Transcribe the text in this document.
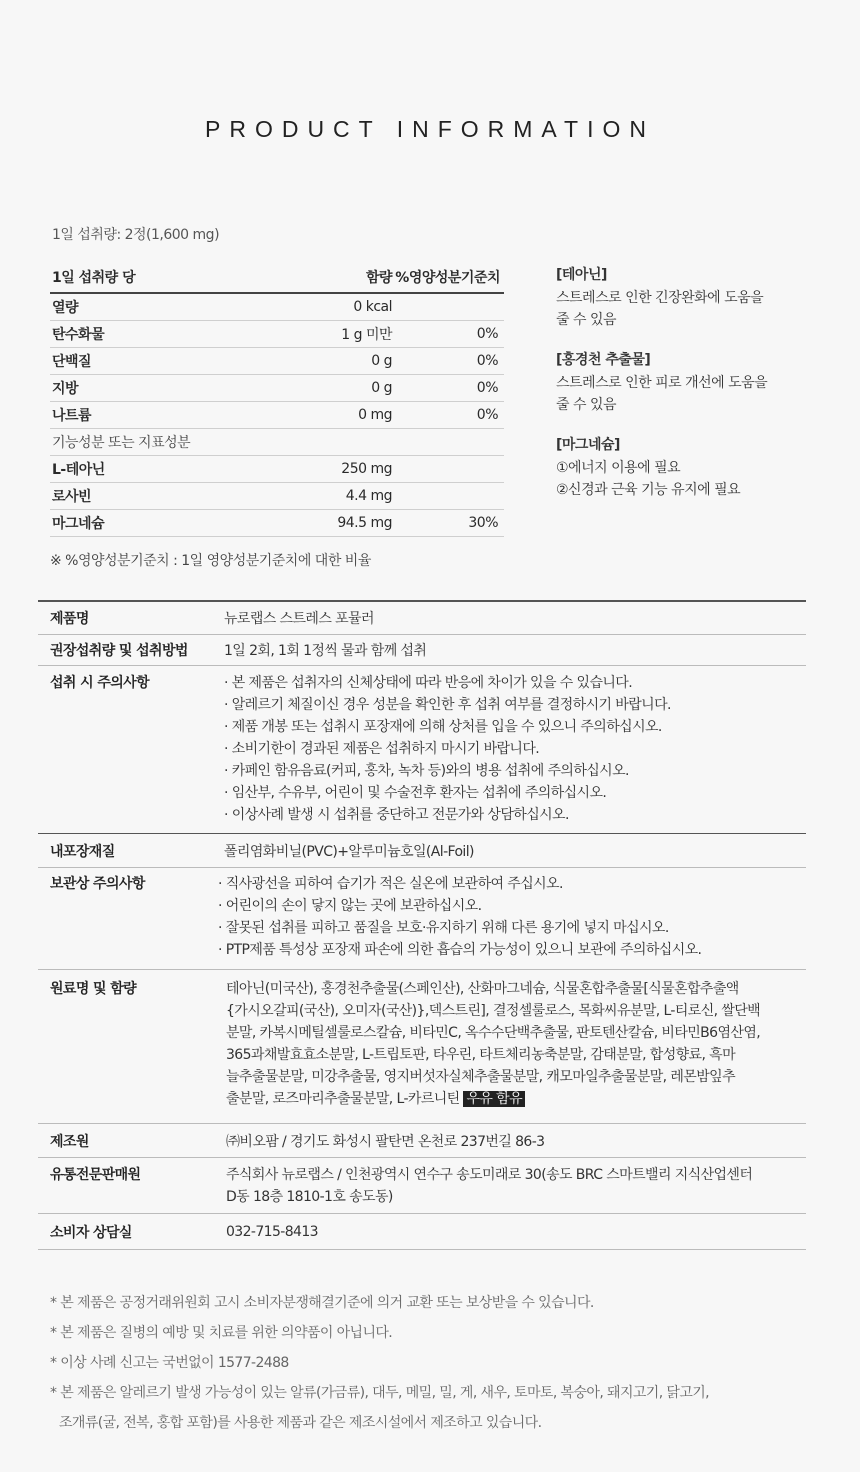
PRODUCT INFORMATION
1일 섭취량: 2정(1,600 mg)
1일 섭취량 당	함량 %영양성분기준치
열량	0 kcal
탄수화물	1 g 미만	0%
단백질	0 g	0%
지방	0 g	0%
나트륨	0 mg	0%
기능성분 또는 지표성분
L-테아닌	250 mg
로사빈	4.4 mg
마그네슘	94.5 mg	30%
※ %영양성분기준치 : 1일 영양성분기준치에 대한 비율
[테아닌]
스트레스로 인한 긴장완화에 도움을
줄 수 있음
[홍경천 추출물]
스트레스로 인한 피로 개선에 도움을
줄 수 있음
[마그네슘]
①에너지 이용에 필요
②신경과 근육 기능 유지에 필요
제품명	뉴로랩스 스트레스 포뮬러
권장섭취량 및 섭취방법	1일 2회, 1회 1정씩 물과 함께 섭취
섭취 시 주의사항	· 본 제품은 섭취자의 신체상태에 따라 반응에 차이가 있을 수 있습니다.
· 알레르기 체질이신 경우 성분을 확인한 후 섭취 여부를 결정하시기 바랍니다.
· 제품 개봉 또는 섭취시 포장재에 의해 상처를 입을 수 있으니 주의하십시오.
· 소비기한이 경과된 제품은 섭취하지 마시기 바랍니다.
· 카페인 함유음료(커피, 홍차, 녹차 등)와의 병용 섭취에 주의하십시오.
· 임산부, 수유부, 어린이 및 수술전후 환자는 섭취에 주의하십시오.
· 이상사례 발생 시 섭취를 중단하고 전문가와 상담하십시오.
내포장재질	폴리염화비닐(PVC)+알루미늄호일(Al-Foil)
보관상 주의사항	· 직사광선을 피하여 습기가 적은 실온에 보관하여 주십시오.
· 어린이의 손이 닿지 않는 곳에 보관하십시오.
· 잘못된 섭취를 피하고 품질을 보호·유지하기 위해 다른 용기에 넣지 마십시오.
· PTP제품 특성상 포장재 파손에 의한 흡습의 가능성이 있으니 보관에 주의하십시오.
원료명 및 함량	테아닌(미국산), 홍경천추출물(스페인산), 산화마그네슘, 식물혼합추출물[식물혼합추출액
{가시오갈피(국산), 오미자(국산)},덱스트린], 결정셀룰로스, 목화씨유분말, L-티로신, 쌀단백
분말, 카복시메틸셀룰로스칼슘, 비타민C, 옥수수단백추출물, 판토텐산칼슘, 비타민B6염산염,
365과채발효효소분말, L-트립토판, 타우린, 타트체리농축분말, 감태분말, 합성향료, 흑마
늘추출물분말, 미강추출물, 영지버섯자실체추출물분말, 캐모마일추출물분말, 레몬밤잎추
출분말, 로즈마리추출물분말, L-카르니틴 우유 함유
제조원	㈜비오팜 / 경기도 화성시 팔탄면 온천로 237번길 86-3
유통전문판매원	주식회사 뉴로랩스 / 인천광역시 연수구 송도미래로 30(송도 BRC 스마트밸리 지식산업센터
D동 18층 1810-1호 송도동)
소비자 상담실	032-715-8413
* 본 제품은 공정거래위원회 고시 소비자분쟁해결기준에 의거 교환 또는 보상받을 수 있습니다.
* 본 제품은 질병의 예방 및 치료를 위한 의약품이 아닙니다.
* 이상 사례 신고는 국번없이 1577-2488
* 본 제품은 알레르기 발생 가능성이 있는 알류(가금류), 대두, 메밀, 밀, 게, 새우, 토마토, 복숭아, 돼지고기, 닭고기,
조개류(굴, 전복, 홍합 포함)를 사용한 제품과 같은 제조시설에서 제조하고 있습니다.
